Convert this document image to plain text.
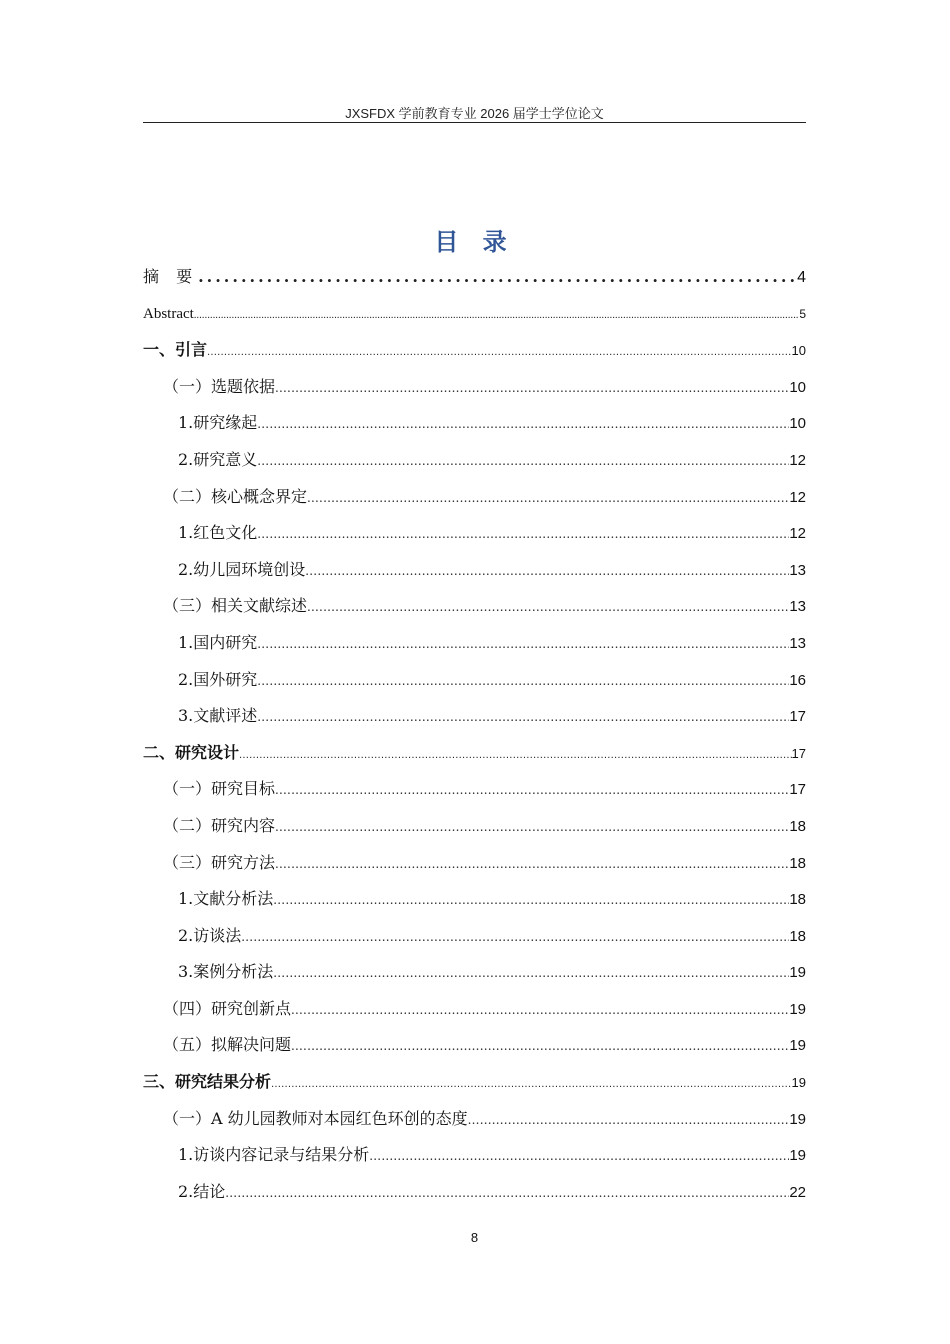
JXSFDX 学前教育专业 2026 届学士学位论文
目 录
摘 要 .....	4
Abstract .....	5
一、引言 .....	10
（一）选题依据 .....	10
1.研究缘起 .....	10
2.研究意义 .....	12
（二）核心概念界定 .....	12
1.红色文化 .....	12
2.幼儿园环境创设 .....	13
（三）相关文献综述 .....	13
1.国内研究 .....	13
2.国外研究 .....	16
3.文献评述 .....	17
二、研究设计 .....	17
（一）研究目标 .....	17
（二）研究内容 .....	18
（三）研究方法 .....	18
1.文献分析法 .....	18
2.访谈法 .....	18
3.案例分析法 .....	19
（四）研究创新点 .....	19
（五）拟解决问题 .....	19
三、研究结果分析 .....	19
（一）A 幼儿园教师对本园红色环创的态度 .....	19
1.访谈内容记录与结果分析 .....	19
2.结论 .....	22
8
